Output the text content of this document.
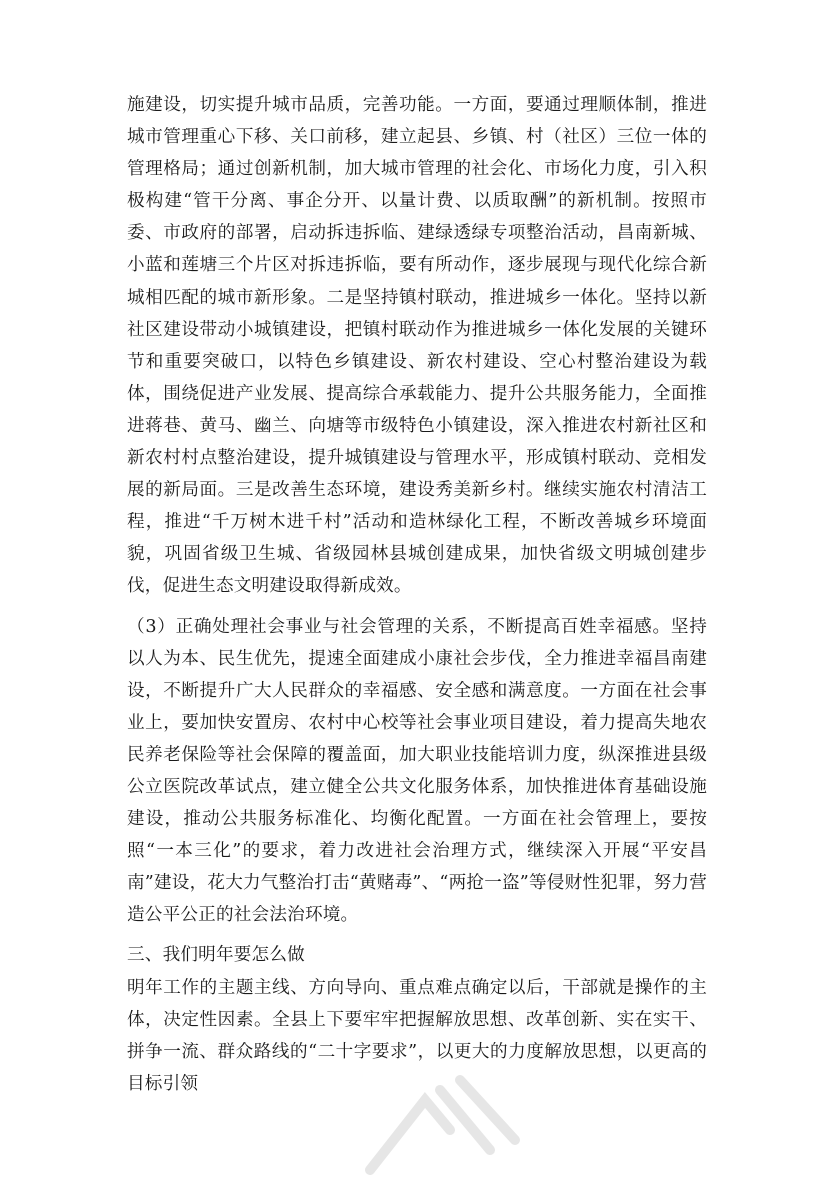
施建设，切实提升城市品质，完善功能。一方面，要通过理顺体制，推进城市管理重心下移、关口前移，建立起县、乡镇、村（社区）三位一体的管理格局；通过创新机制，加大城市管理的社会化、市场化力度，引入积极构建“管干分离、事企分开、以量计费、以质取酬”的新机制。按照市委、市政府的部署，启动拆违拆临、建绿透绿专项整治活动，昌南新城、小蓝和莲塘三个片区对拆违拆临，要有所动作，逐步展现与现代化综合新城相匹配的城市新形象。二是坚持镇村联动，推进城乡一体化。坚持以新社区建设带动小城镇建设，把镇村联动作为推进城乡一体化发展的关键环节和重要突破口，以特色乡镇建设、新农村建设、空心村整治建设为载体，围绕促进产业发展、提高综合承载能力、提升公共服务能力，全面推进蒋巷、黄马、幽兰、向塘等市级特色小镇建设，深入推进农村新社区和新农村村点整治建设，提升城镇建设与管理水平，形成镇村联动、竞相发展的新局面。三是改善生态环境，建设秀美新乡村。继续实施农村清洁工程，推进“千万树木进千村”活动和造林绿化工程，不断改善城乡环境面貌，巩固省级卫生城、省级园林县城创建成果，加快省级文明城创建步伐，促进生态文明建设取得新成效。

（3）正确处理社会事业与社会管理的关系，不断提高百姓幸福感。坚持以人为本、民生优先，提速全面建成小康社会步伐，全力推进幸福昌南建设，不断提升广大人民群众的幸福感、安全感和满意度。一方面在社会事业上，要加快安置房、农村中心校等社会事业项目建设，着力提高失地农民养老保险等社会保障的覆盖面，加大职业技能培训力度，纵深推进县级公立医院改革试点，建立健全公共文化服务体系，加快推进体育基础设施建设，推动公共服务标准化、均衡化配置。一方面在社会管理上，要按照“一本三化”的要求，着力改进社会治理方式，继续深入开展“平安昌南”建设，花大力气整治打击“黄赌毒”、“两抢一盗”等侵财性犯罪，努力营造公平公正的社会法治环境。

三、我们明年要怎么做

明年工作的主题主线、方向导向、重点难点确定以后，干部就是操作的主体，决定性因素。全县上下要牢牢把握解放思想、改革创新、实在实干、拼争一流、群众路线的“二十字要求”，以更大的力度解放思想，以更高的目标引领
